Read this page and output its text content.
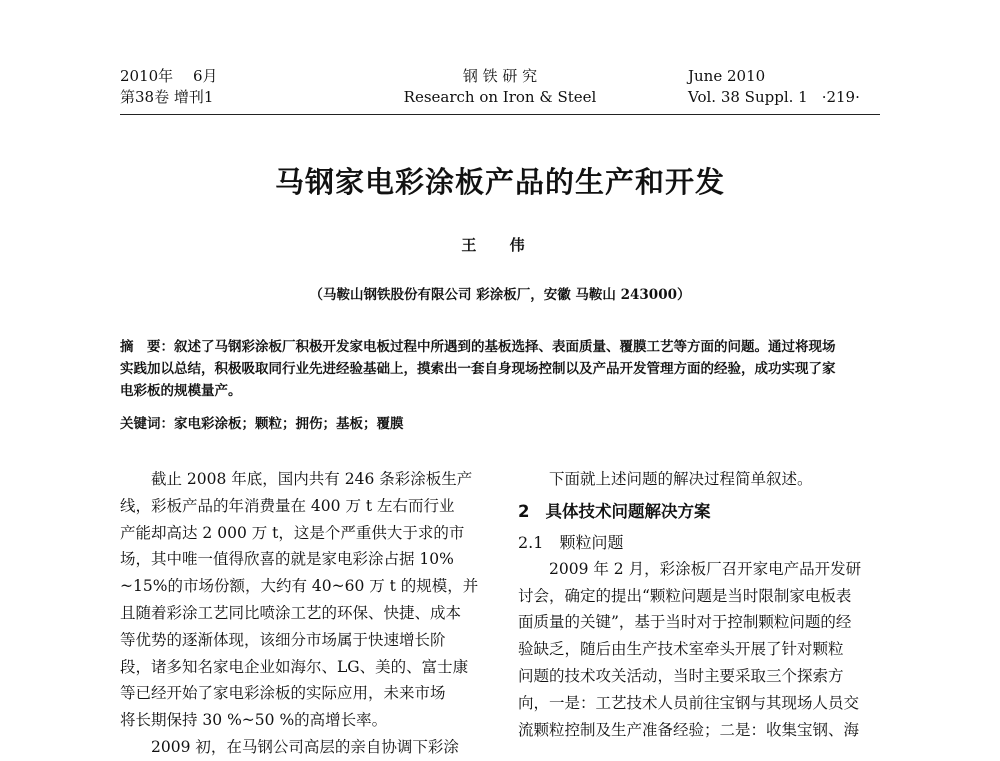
2010年　 6月
第38卷 增刊1
钢 铁 研 究
Research on Iron & Steel
June 2010
Vol. 38 Suppl. 1 ·219·
马钢家电彩涂板产品的生产和开发
王 伟
（马鞍山钢铁股份有限公司 彩涂板厂，安徽 马鞍山 243000）
摘　要：叙述了马钢彩涂板厂积极开发家电板过程中所遇到的基板选择、表面质量、覆膜工艺等方面的问题。通过将现场
实践加以总结，积极吸取同行业先进经验基础上，摸索出一套自身现场控制以及产品开发管理方面的经验，成功实现了家
电彩板的规模量产。
关键词：家电彩涂板；颗粒；拥伤；基板；覆膜
截止 2008 年底，国内共有 246 条彩涂板生产
线，彩板产品的年消费量在 400 万 t 左右而行业
产能却高达 2 000 万 t，这是个严重供大于求的市
场，其中唯一值得欣喜的就是家电彩涂占据 10%
~15%的市场份额，大约有 40~60 万 t 的规模，并
且随着彩涂工艺同比喷涂工艺的环保、快捷、成本
等优势的逐渐体现，该细分市场属于快速增长阶
段，诸多知名家电企业如海尔、LG、美的、富士康
等已经开始了家电彩涂板的实际应用，未来市场
将长期保持 30 %~50 %的高增长率。
2009 初，在马钢公司高层的亲自协调下彩涂
下面就上述问题的解决过程简单叙述。
2 具体技术问题解决方案
2.1 颗粒问题
2009 年 2 月，彩涂板厂召开家电产品开发研
讨会，确定的提出“颗粒问题是当时限制家电板表
面质量的关键”，基于当时对于控制颗粒问题的经
验缺乏，随后由生产技术室牵头开展了针对颗粒
问题的技术攻关活动，当时主要采取三个探索方
向，一是：工艺技术人员前往宝钢与其现场人员交
流颗粒控制及生产准备经验；二是：收集宝钢、海
